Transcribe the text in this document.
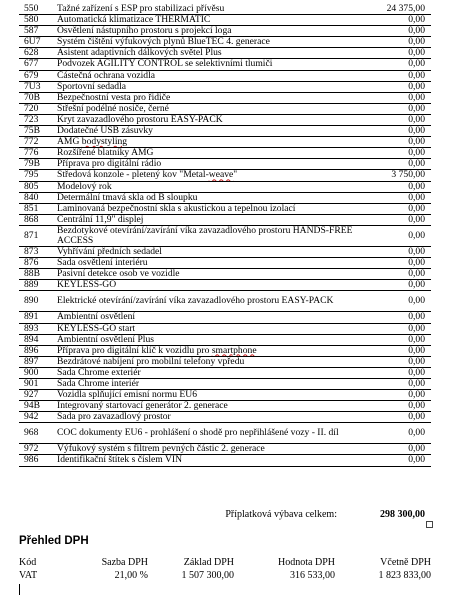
550	Tažné zařízení s ESP pro stabilizaci přívěsu	24 375,00
580	Automatická klimatizace THERMATIC	0,00
587	Osvětlení nástupního prostoru s projekcí loga	0,00
6U7	Systém čištění výfukových plynů BlueTEC 4. generace	0,00
628	Asistent adaptivních dálkových světel Plus	0,00
677	Podvozek AGILITY CONTROL se selektivními tlumiči	0,00
679	Částečná ochrana vozidla	0,00
7U3	Sportovní sedadla	0,00
70B	Bezpečnostní vesta pro řidiče	0,00
720	Střešní podélné nosiče, černé	0,00
723	Kryt zavazadlového prostoru EASY-PACK	0,00
75B	Dodatečné USB zásuvky	0,00
772	AMG bodystyling	0,00
776	Rozšířené blatníky AMG	0,00
79B	Příprava pro digitální rádio	0,00
795	Středová konzole - pletený kov "Metal-weave"	3 750,00
805	Modelový rok	0,00
840	Determální tmavá skla od B sloupku	0,00
851	Laminovaná bezpečnostní skla s akustickou a tepelnou izolací	0,00
868	Centrální 11,9" displej	0,00
871	Bezdotykové otevírání/zavírání víka zavazadlového prostoru HANDS-FREE ACCESS	0,00
873	Vyhřívání předních sedadel	0,00
876	Sada osvětlení interiéru	0,00
88B	Pasivní detekce osob ve vozidle	0,00
889	KEYLESS-GO	0,00
890	Elektrické otevírání/zavírání víka zavazadlového prostoru EASY-PACK	0,00
891	Ambientní osvětlení	0,00
893	KEYLESS-GO start	0,00
894	Ambientní osvětlení Plus	0,00
896	Příprava pro digitální klíč k vozidlu pro smartphone	0,00
897	Bezdrátové nabíjení pro mobilní telefony vpředu	0,00
900	Sada Chrome exteriér	0,00
901	Sada Chrome interiér	0,00
927	Vozidla splňující emisní normu EU6	0,00
94B	Integrovaný startovací generátor 2. generace	0,00
942	Sada pro zavazadlový prostor	0,00
968	COC dokumenty EU6 - prohlášení o shodě pro nepřihlášené vozy - II. díl	0,00
972	Výfukový systém s filtrem pevných částic 2. generace	0,00
986	Identifikační štítek s číslem VIN	0,00
Příplatková výbava celkem:	298 300,00
Přehled DPH
Kód	Sazba DPH	Základ DPH	Hodnota DPH	Včetně DPH
VAT	21,00 %	1 507 300,00	316 533,00	1 823 833,00
